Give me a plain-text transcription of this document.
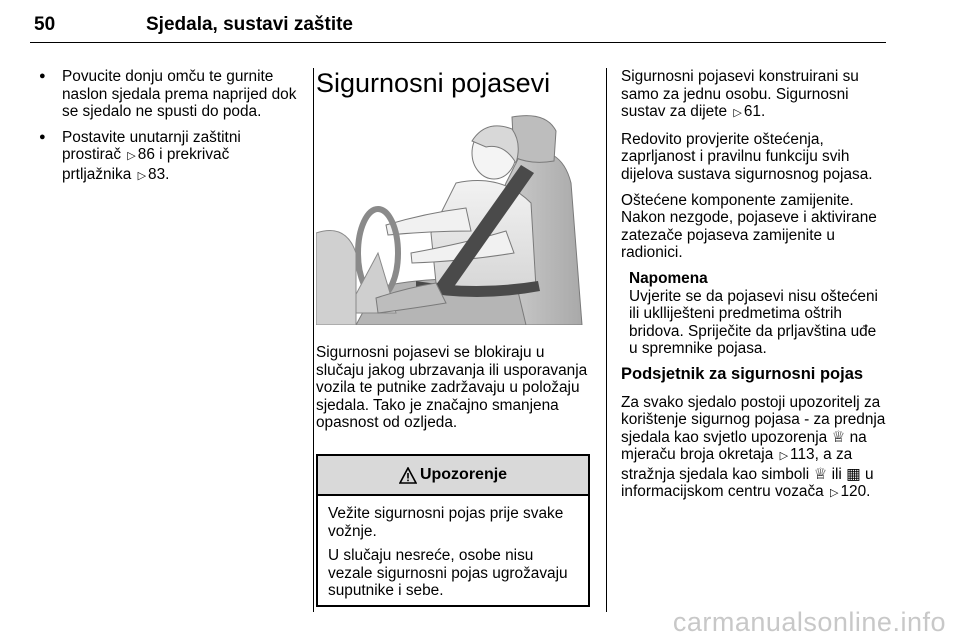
50	Sjedala, sustavi zaštite
● Povucite donju omču te gurnite naslon sjedala prema naprijed dok se sjedalo ne spusti do poda.
● Postavite unutarnji zaštitni prostirač ▷ 86 i prekrivač prtljažnika ▷ 83.
Sigurnosni pojasevi

Sigurnosni pojasevi se blokiraju u slučaju jakog ubrzavanja ili usporavanja vozila te putnike zadržavaju u položaju sjedala. Tako je značajno smanjena opasnost od ozljeda.

Upozorenje

Vežite sigurnosni pojas prije svake vožnje.

U slučaju nesreće, osobe nisu vezale sigurnosni pojas ugrožavaju suputnike i sebe.

Sigurnosni pojasevi konstruirani su samo za jednu osobu. Sigurnosni sustav za dijete ▷ 61.

Redovito provjerite oštećenja, zaprljanost i pravilnu funkciju svih dijelova sustava sigurnosnog pojasa.

Oštećene komponente zamijenite. Nakon nezgode, pojaseve i aktivirane zatezače pojaseva zamijenite u radionici.

Napomena
Uvjerite se da pojasevi nisu oštećeni ili uklliješteni predmetima oštrih bridova. Spriječite da prljavština uđe u spremnike pojasa.
Podsjetnik za sigurnosni pojas

Za svako sjedalo postoji upozoritelj za korištenje sigurnog pojasa - za prednja sjedala kao svjetlo upozorenja ♕ na mjeraču broja okretaja ▷ 113, a za stražnja sjedala kao simboli ♕ ili ▦ u informacijskom centru vozača ▷ 120.

carmanualsonline.info
